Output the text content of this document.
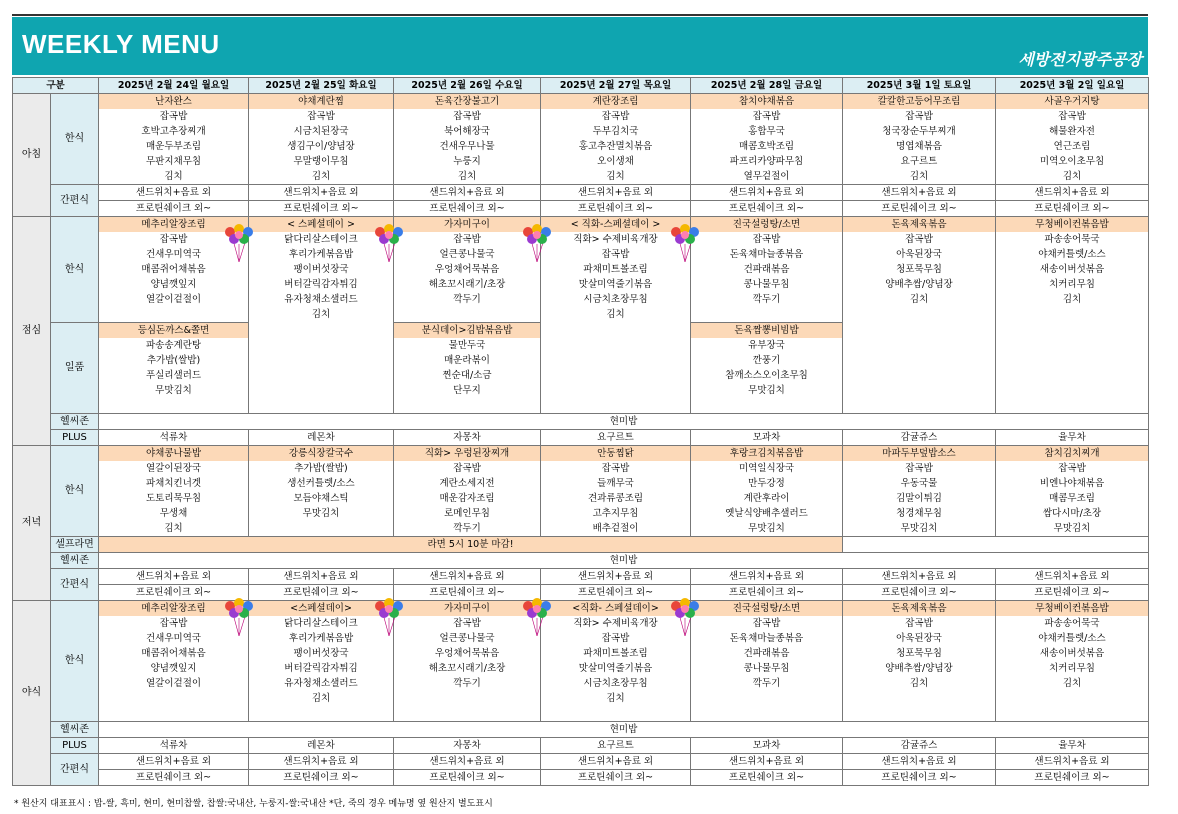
WEEKLY MENU
세방전지광주공장
구분		2025년 2월 24일 월요일	2025년 2월 25일 화요일	2025년 2월 26일 수요일	2025년 2월 27일 목요일	2025년 2월 28일 금요일	2025년 3월 1일 토요일	2025년 3월 2일 일요일
아침	한식	난자완스	야채계란찜	돈육간장불고기	계란장조림	참치야채볶음	칼칼한고등어무조림	사골우거지탕
		잡곡밥	잡곡밥	잡곡밥	잡곡밥	잡곡밥	잡곡밥	잡곡밥
		호박고추장찌개	시금치된장국	북어해장국	두부김치국	홍합무국	청국장순두부찌개	해물완자전
		매운두부조림	생김구이/양념장	건새우무나물	홍고추잔멸치볶음	매콤호박조림	명엽채볶음	연근조림
		무판지채무침	무말랭이무침	누룽지	오이생채	파프리카양파무침	요구르트	미역오이초무침
		김치	김치	김치	김치	열무겉절이	김치	김치
	간편식	샌드위치+음료 외	샌드위치+음료 외	샌드위치+음료 외	샌드위치+음료 외	샌드위치+음료 외	샌드위치+음료 외	샌드위치+음료 외
		프로틴쉐이크 외~	프로틴쉐이크 외~	프로틴쉐이크 외~	프로틴쉐이크 외~	프로틴쉐이크 외~	프로틴쉐이크 외~	프로틴쉐이크 외~
점심	한식	메추리알장조림	< 스페셜데이 >	가자미구이	< 직화-스페셜데이 >	진국설렁탕/소면	돈육제육볶음	무청베이컨볶음밥
		잡곡밥	닭다리살스테이크	잡곡밥	직화> 수제비육개장	잡곡밥	잡곡밥	파송송어묵국
		건새우미역국	후리가케볶음밥	얼큰콩나물국	잡곡밥	돈육채마늘종볶음	아욱된장국	야채커틀렛/소스
		매콤쥐어채볶음	팽이버섯장국	우엉채어묵볶음	파채미트볼조림	건파래볶음	청포묵무침	새송이버섯볶음
		양념깻잎지	버터갈릭감자튀김	해초꼬시래기/초장	맛살미역줄기볶음	콩나물무침	양배추쌈/양념장	치커리무침
		열갈이겉절이	유자청채소샐러드	깍두기	시금치초장무침	깍두기	김치	김치
			김치		김치			
	일품	등심돈까스&쫄면		분식데이>김밥볶음밥		돈육짬뽕비빔밥		
		파송송계란탕		물만두국		유부장국		
		추가밥(쌀밥)		매운라볶이		깐풍기		
		푸실리샐러드		찐순대/소금		참깨소스오이초무침		
		무맛김치		단무지		무맛김치		

	헬씨존	현미밥						
	PLUS	석류차	레몬차	자몽차	요구르트	모과차	감귤쥬스	율무차
저녁	한식	야채콩나물밥	강릉식장칼국수	직화> 우렁된장찌개	안동찜닭	후랑크김치볶음밥	마파두부덮밥소스	참치김치찌개
		열갈이된장국	추가밥(쌀밥)	잡곡밥	잡곡밥	미역일식장국	잡곡밥	잡곡밥
		파채치킨너겟	생선커틀렛/소스	계란소세지전	들깨무국	만두강정	우동국물	비엔나야채볶음
		도토리묵무침	모듬야채스틱	매운감자조림	견과류콩조림	계란후라이	김말이튀김	매콤무조림
		무생채	무맛김치	로메인무침	고추지무침	옛날식양배추샐러드	청경채무침	쌈다시마/초장
		김치		깍두기	배추겉절이	무맛김치	무맛김치	무맛김치
	셀프라면	라면 5시 10분 마감!						
	헬씨존	현미밥						
	간편식	샌드위치+음료 외	샌드위치+음료 외	샌드위치+음료 외	샌드위치+음료 외	샌드위치+음료 외	샌드위치+음료 외	샌드위치+음료 외
		프로틴쉐이크 외~	프로틴쉐이크 외~	프로틴쉐이크 외~	프로틴쉐이크 외~	프로틴쉐이크 외~	프로틴쉐이크 외~	프로틴쉐이크 외~
야식	한식	메추리알장조림	<스페셜데이>	가자미구이	<직화- 스페셜데이>	진국설렁탕/소면	돈육제육볶음	무청베이컨볶음밥
		잡곡밥	닭다리살스테이크	잡곡밥	직화> 수제비육개장	잡곡밥	잡곡밥	파송송어묵국
		건새우미역국	후리가케볶음밥	얼큰콩나물국	잡곡밥	돈육채마늘종볶음	아욱된장국	야채커틀렛/소스
		매콤쥐어채볶음	팽이버섯장국	우엉채어묵볶음	파채미트볼조림	건파래볶음	청포묵무침	새송이버섯볶음
		양념깻잎지	버터갈릭감자튀김	해초꼬시래기/초장	맛살미역줄기볶음	콩나물무침	양배추쌈/양념장	치커리무침
		열갈이겉절이	유자청채소샐러드	깍두기	시금치초장무침	깍두기	김치	김치
			김치		김치			

	헬씨존	현미밥						
	PLUS	석류차	레몬차	자몽차	요구르트	모과차	감귤쥬스	율무차
	간편식	샌드위치+음료 외	샌드위치+음료 외	샌드위치+음료 외	샌드위치+음료 외	샌드위치+음료 외	샌드위치+음료 외	샌드위치+음료 외
		프로틴쉐이크 외~	프로틴쉐이크 외~	프로틴쉐이크 외~	프로틴쉐이크 외~	프로틴쉐이크 외~	프로틴쉐이크 외~	프로틴쉐이크 외~
* 원산지 대표표시 : 밥-쌀, 흑미, 현미, 현미찹쌀, 찹쌀:국내산, 누룽지-쌀:국내산 *단, 죽의 경우 메뉴명 옆 원산지 별도표시
